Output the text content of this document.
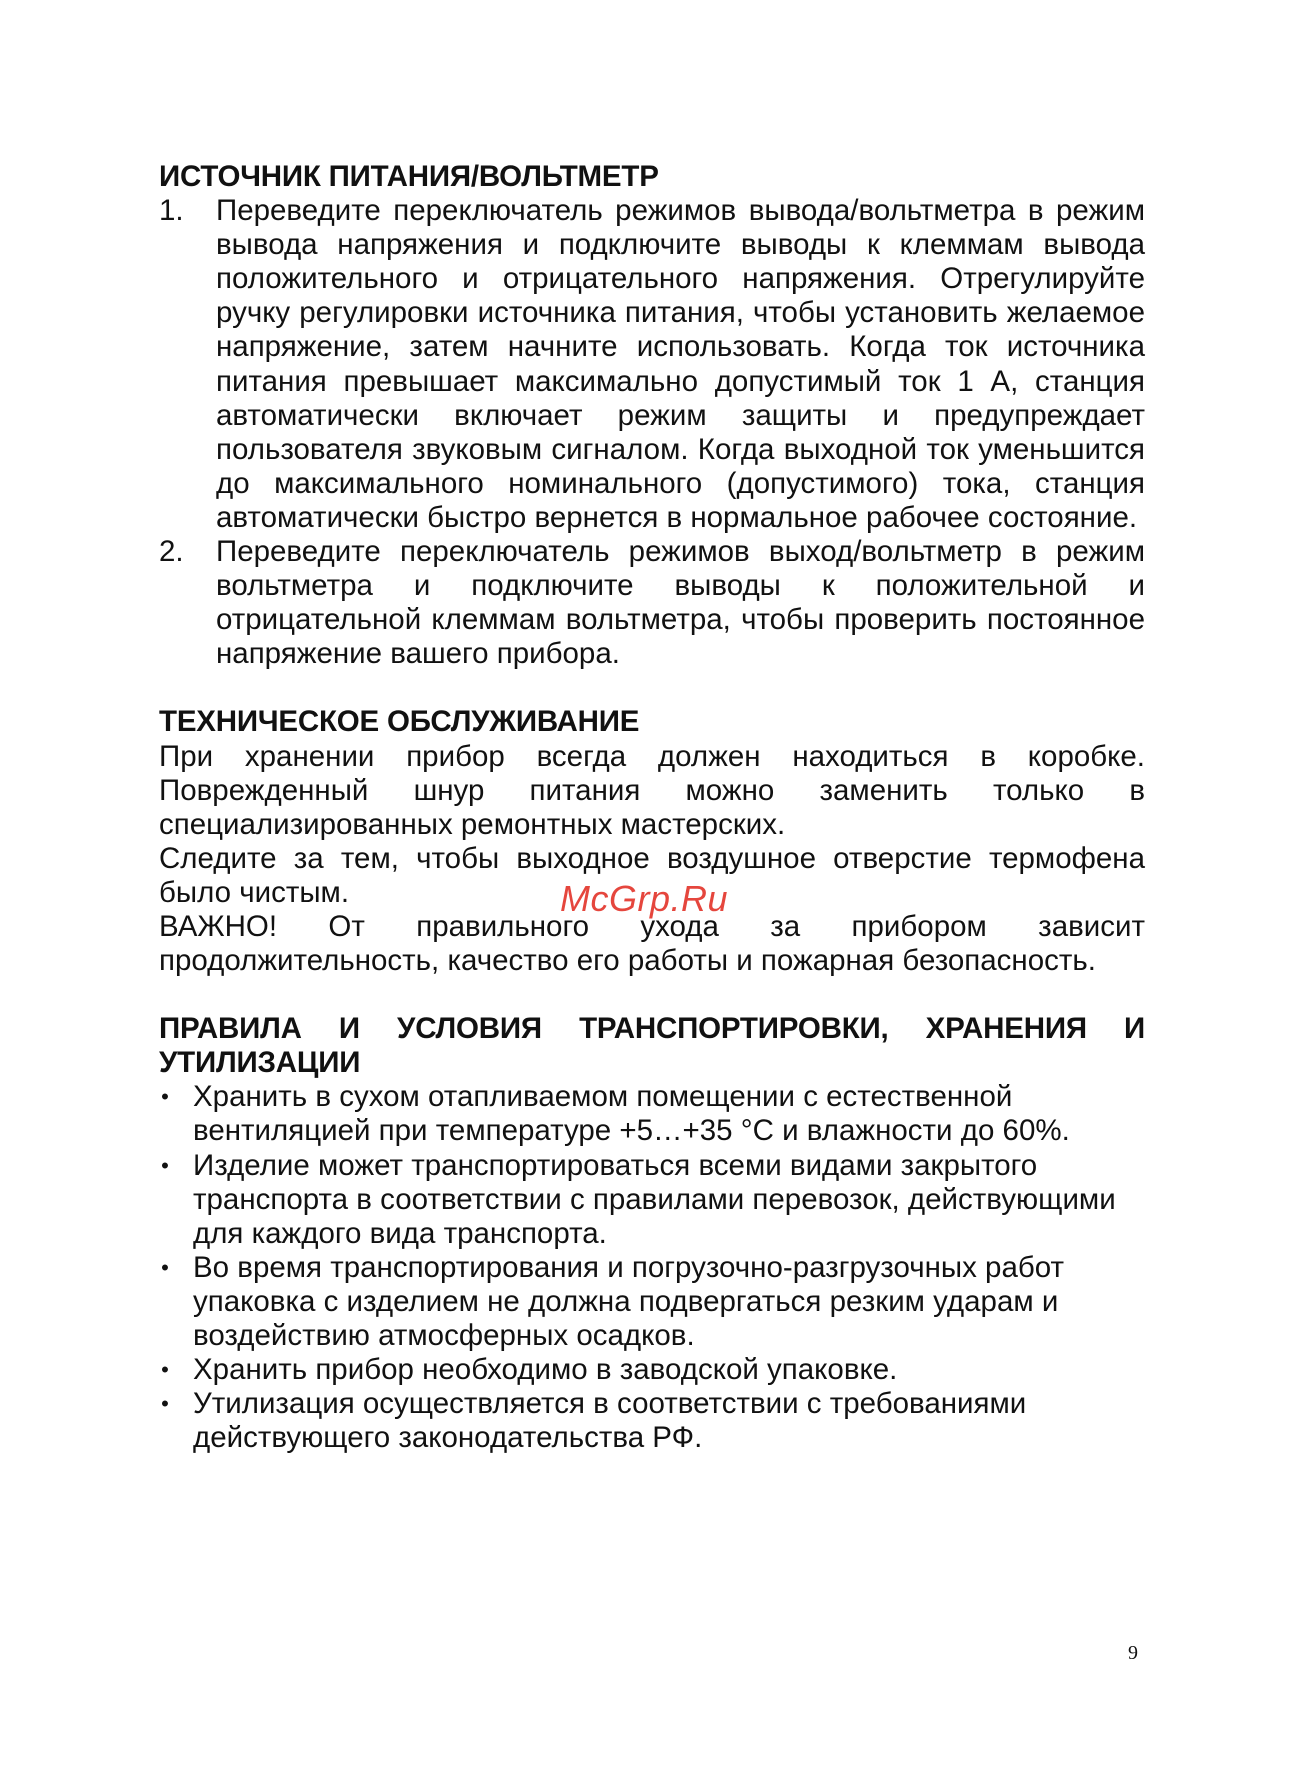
ИСТОЧНИК ПИТАНИЯ/ВОЛЬТМЕТР
1. Переведите переключатель режимов вывода/вольтметра в режим вывода напряжения и подключите выводы к клеммам вывода положительного и отрицательного напряжения. Отрегулируйте ручку регулировки источника питания, чтобы установить желаемое напряжение, затем начните использовать. Когда ток источника питания превышает максимально допустимый ток 1 А, станция автоматически включает режим защиты и предупреждает пользователя звуковым сигналом. Когда выходной ток уменьшится до максимального номинального (допустимого) тока, станция автоматически быстро вернется в нормальное рабочее состояние.
2. Переведите переключатель режимов выход/вольтметр в режим вольтметра и подключите выводы к положительной и отрицательной клеммам вольтметра, чтобы проверить постоянное напряжение вашего прибора.
ТЕХНИЧЕСКОЕ ОБСЛУЖИВАНИЕ

При хранении прибор всегда должен находиться в коробке. Поврежденный шнур питания можно заменить только в специализированных ремонтных мастерских.

Следите за тем, чтобы выходное воздушное отверстие термофена было чистым.

ВАЖНО! От правильного ухода за прибором зависит продолжительность, качество его работы и пожарная безопасность.

ПРАВИЛА И УСЛОВИЯ ТРАНСПОРТИРОВКИ, ХРАНЕНИЯ И УТИЛИЗАЦИИ
• Хранить в сухом отапливаемом помещении с естественной вентиляцией при температуре +5…+35 °С и влажности до 60%.
• Изделие может транспортироваться всеми видами закрытого транспорта в соответствии с правилами перевозок, действующими для каждого вида транспорта.
• Во время транспортирования и погрузочно-разгрузочных работ упаковка с изделием не должна подвергаться резким ударам и воздействию атмосферных осадков.
• Хранить прибор необходимо в заводской упаковке.
• Утилизация осуществляется в соответствии с требованиями действующего законодательства РФ.
McGrp.Ru
9
